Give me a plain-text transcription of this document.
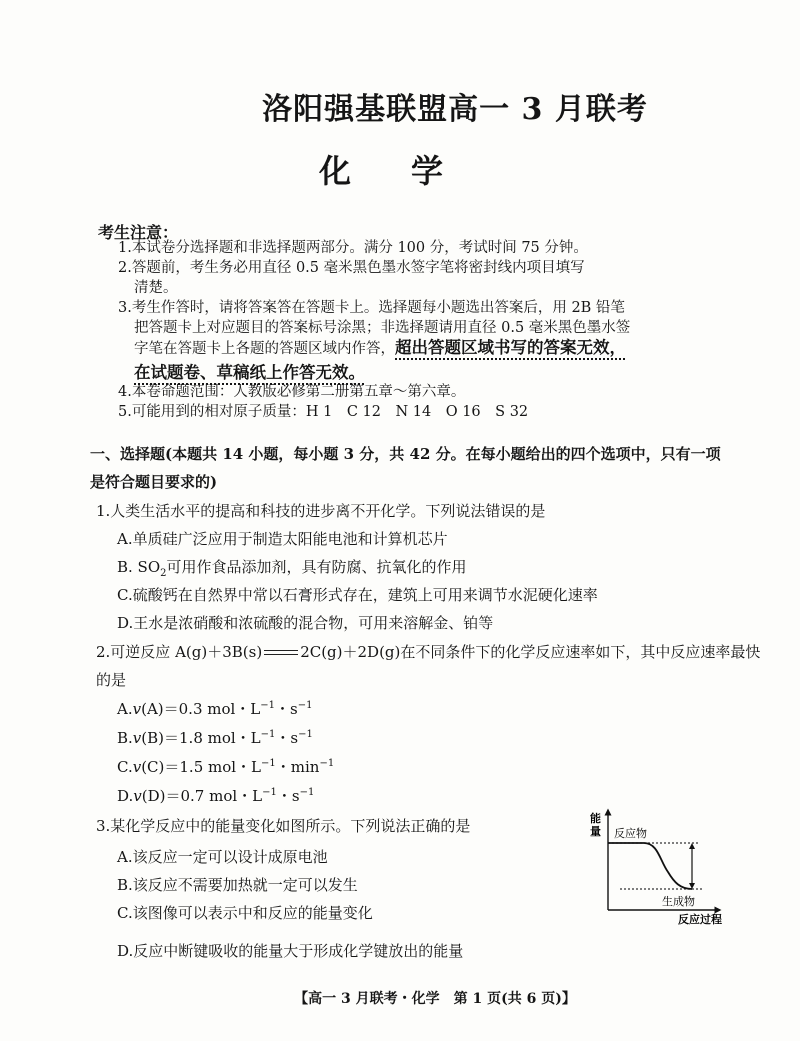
洛阳强基联盟高一 3 月联考
化学
考生注意：
1.本试卷分选择题和非选择题两部分。满分 100 分，考试时间 75 分钟。
2.答题前，考生务必用直径 0.5 毫米黑色墨水签字笔将密封线内项目填写
清楚。
3.考生作答时，请将答案答在答题卡上。选择题每小题选出答案后，用 2B 铅笔
把答题卡上对应题目的答案标号涂黑；非选择题请用直径 0.5 毫米黑色墨水签
字笔在答题卡上各题的答题区域内作答，超出答题区域书写的答案无效，
在试题卷、草稿纸上作答无效。
4.本卷命题范围：人教版必修第二册第五章～第六章。
5.可能用到的相对原子质量：H 1　C 12　N 14　O 16　S 32
一、选择题(本题共 14 小题，每小题 3 分，共 42 分。在每小题给出的四个选项中，只有一项是符合题目要求的)
1.人类生活水平的提高和科技的进步离不开化学。下列说法错误的是
A.单质硅广泛应用于制造太阳能电池和计算机芯片
B. $SO_2$可用作食品添加剂，具有防腐、抗氧化的作用
C.硫酸钙在自然界中常以石膏形式存在，建筑上可用来调节水泥硬化速率
D.王水是浓硝酸和浓硫酸的混合物，可用来溶解金、铂等
2.可逆反应 A(g)＋3B(s)	2C(g)＋2D(g)在不同条件下的化学反应速率如下，其中反应速率最快
的是
A.v(A)＝0.3 mol・$L^{-1}$・$s^{-1}$
B.v(B)＝1.8 mol・$L^{-1}$・$s^{-1}$
C.v(C)＝1.5 mol・$L^{-1}$・$\min^{-1}$
D.v(D)＝0.7 mol・$L^{-1}$・$s^{-1}$
3.某化学反应中的能量变化如图所示。下列说法正确的是
A.该反应一定可以设计成原电池
B.该反应不需要加热就一定可以发生
C.该图像可以表示中和反应的能量变化
D.反应中断键吸收的能量大于形成化学键放出的能量
能
量 反应物
生成物
反应过程
【高一 3 月联考・化学　第 1 页(共 6 页)】
